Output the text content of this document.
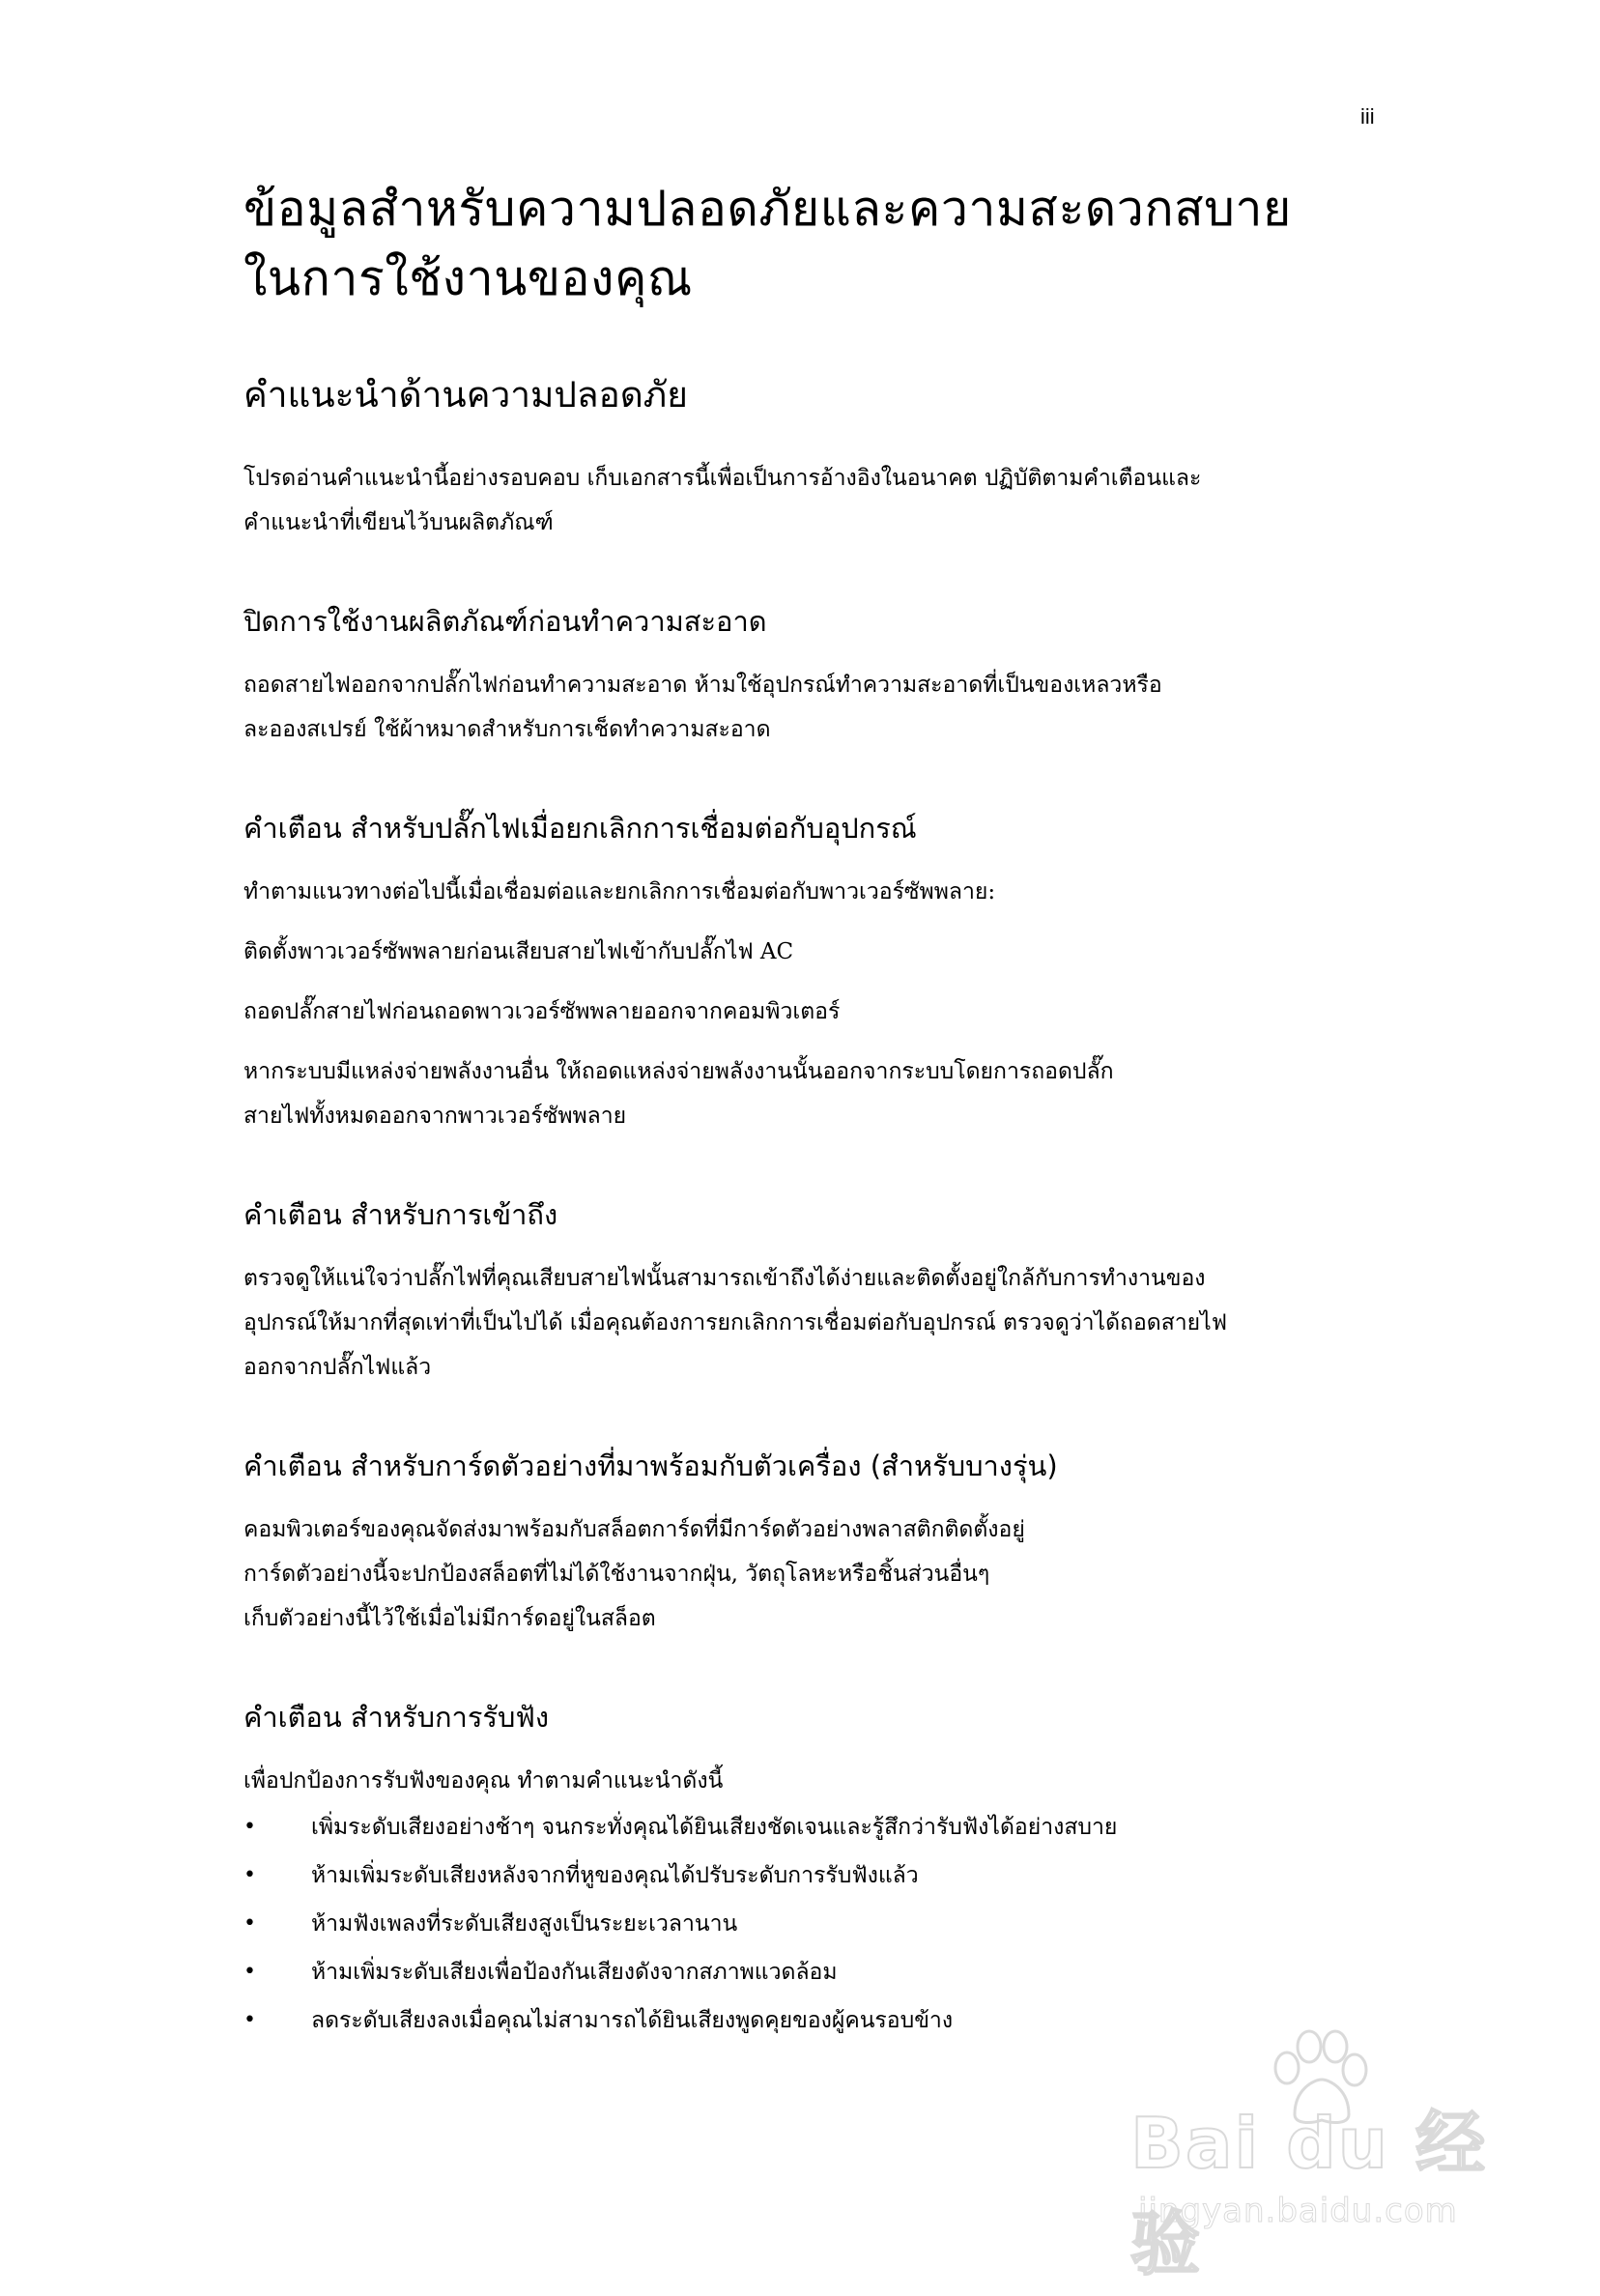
iii
ข้อมูลสำหรับความปลอดภัยและความสะดวกสบาย
ในการใช้งานของคุณ
คำแนะนำด้านความปลอดภัย
โปรดอ่านคำแนะนำนี้อย่างรอบคอบ เก็บเอกสารนี้เพื่อเป็นการอ้างอิงในอนาคต ปฏิบัติตามคำเตือนและ
คำแนะนำที่เขียนไว้บนผลิตภัณฑ์
ปิดการใช้งานผลิตภัณฑ์ก่อนทำความสะอาด
ถอดสายไฟออกจากปลั๊กไฟก่อนทำความสะอาด ห้ามใช้อุปกรณ์ทำความสะอาดที่เป็นของเหลวหรือ
ละอองสเปรย์ ใช้ผ้าหมาดสำหรับการเช็ดทำความสะอาด
คำเตือน สำหรับปลั๊กไฟเมื่อยกเลิกการเชื่อมต่อกับอุปกรณ์
ทำตามแนวทางต่อไปนี้เมื่อเชื่อมต่อและยกเลิกการเชื่อมต่อกับพาวเวอร์ซัพพลาย:
ติดตั้งพาวเวอร์ซัพพลายก่อนเสียบสายไฟเข้ากับปลั๊กไฟ AC
ถอดปลั๊กสายไฟก่อนถอดพาวเวอร์ซัพพลายออกจากคอมพิวเตอร์
หากระบบมีแหล่งจ่ายพลังงานอื่น ให้ถอดแหล่งจ่ายพลังงานนั้นออกจากระบบโดยการถอดปลั๊ก
สายไฟทั้งหมดออกจากพาวเวอร์ซัพพลาย
คำเตือน สำหรับการเข้าถึง
ตรวจดูให้แน่ใจว่าปลั๊กไฟที่คุณเสียบสายไฟนั้นสามารถเข้าถึงได้ง่ายและติดตั้งอยู่ใกล้กับการทำงานของ
อุปกรณ์ให้มากที่สุดเท่าที่เป็นไปได้ เมื่อคุณต้องการยกเลิกการเชื่อมต่อกับอุปกรณ์ ตรวจดูว่าได้ถอดสายไฟ
ออกจากปลั๊กไฟแล้ว
คำเตือน สำหรับการ์ดตัวอย่างที่มาพร้อมกับตัวเครื่อง (สำหรับบางรุ่น)
คอมพิวเตอร์ของคุณจัดส่งมาพร้อมกับสล็อตการ์ดที่มีการ์ดตัวอย่างพลาสติกติดตั้งอยู่
การ์ดตัวอย่างนี้จะปกป้องสล็อตที่ไม่ได้ใช้งานจากฝุ่น, วัตถุโลหะหรือชิ้นส่วนอื่นๆ
เก็บตัวอย่างนี้ไว้ใช้เมื่อไม่มีการ์ดอยู่ในสล็อต
คำเตือน สำหรับการรับฟัง
เพื่อปกป้องการรับฟังของคุณ ทำตามคำแนะนำดังนี้
• เพิ่มระดับเสียงอย่างช้าๆ จนกระทั่งคุณได้ยินเสียงชัดเจนและรู้สึกว่ารับฟังได้อย่างสบาย
• ห้ามเพิ่มระดับเสียงหลังจากที่หูของคุณได้ปรับระดับการรับฟังแล้ว
• ห้ามฟังเพลงที่ระดับเสียงสูงเป็นระยะเวลานาน
• ห้ามเพิ่มระดับเสียงเพื่อป้องกันเสียงดังจากสภาพแวดล้อม
• ลดระดับเสียงลงเมื่อคุณไม่สามารถได้ยินเสียงพูดคุยของผู้คนรอบข้าง
Bai du 经验
jingyan.baidu.com
